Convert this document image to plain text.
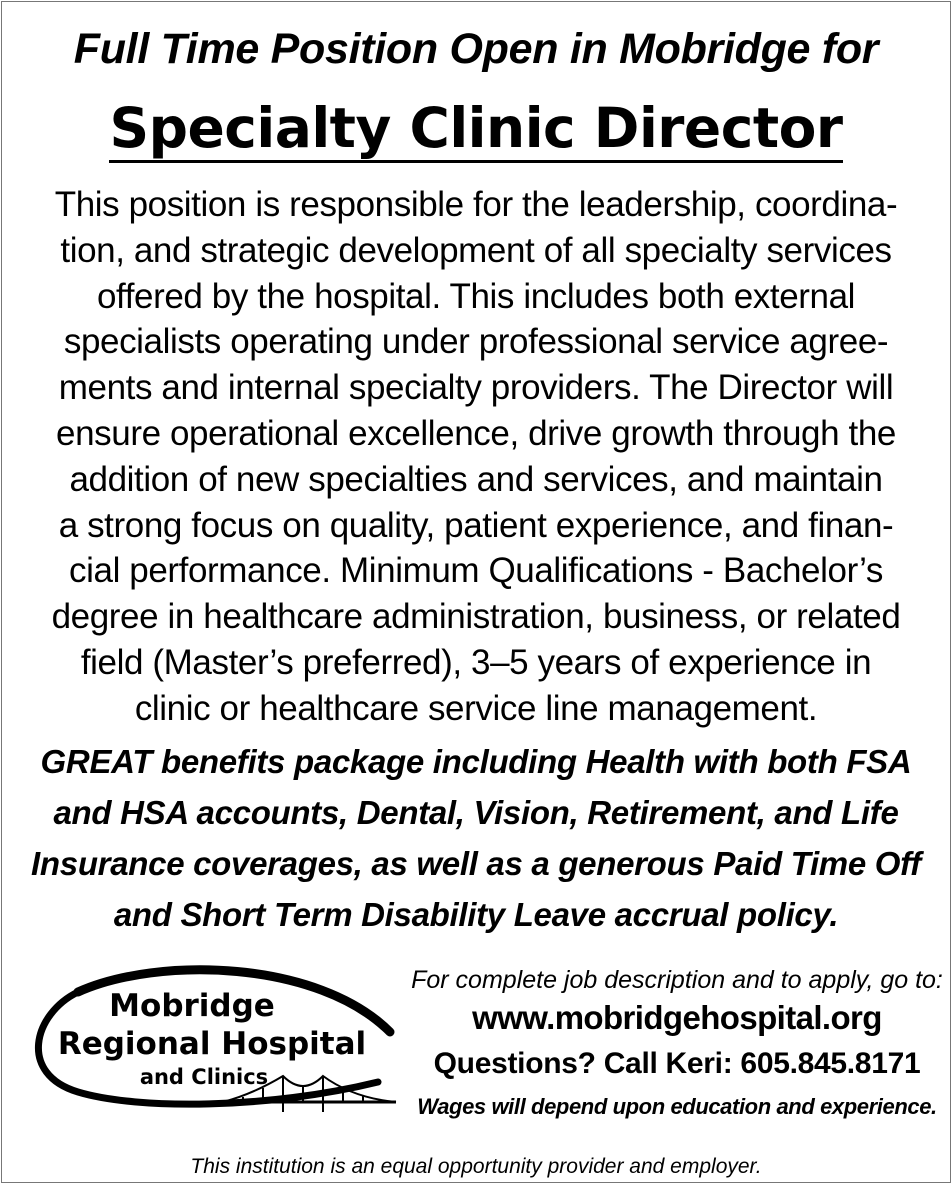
Full Time Position Open in Mobridge for
Specialty Clinic Director
This position is responsible for the leadership, coordina-
tion, and strategic development of all specialty services
offered by the hospital. This includes both external
specialists operating under professional service agree-
ments and internal specialty providers. The Director will
ensure operational excellence, drive growth through the
addition of new specialties and services, and maintain
a strong focus on quality, patient experience, and finan-
cial performance. Minimum Qualifications - Bachelor’s
degree in healthcare administration, business, or related
field (Master’s preferred), 3–5 years of experience in
clinic or healthcare service line management.
GREAT benefits package including Health with both FSA
and HSA accounts, Dental, Vision, Retirement, and Life
Insurance coverages, as well as a generous Paid Time Off
and Short Term Disability Leave accrual policy.
Mobridge
Regional Hospital
and Clinics
For complete job description and to apply, go to:
www.mobridgehospital.org
Questions? Call Keri: 605.845.8171
Wages will depend upon education and experience.
This institution is an equal opportunity provider and employer.
